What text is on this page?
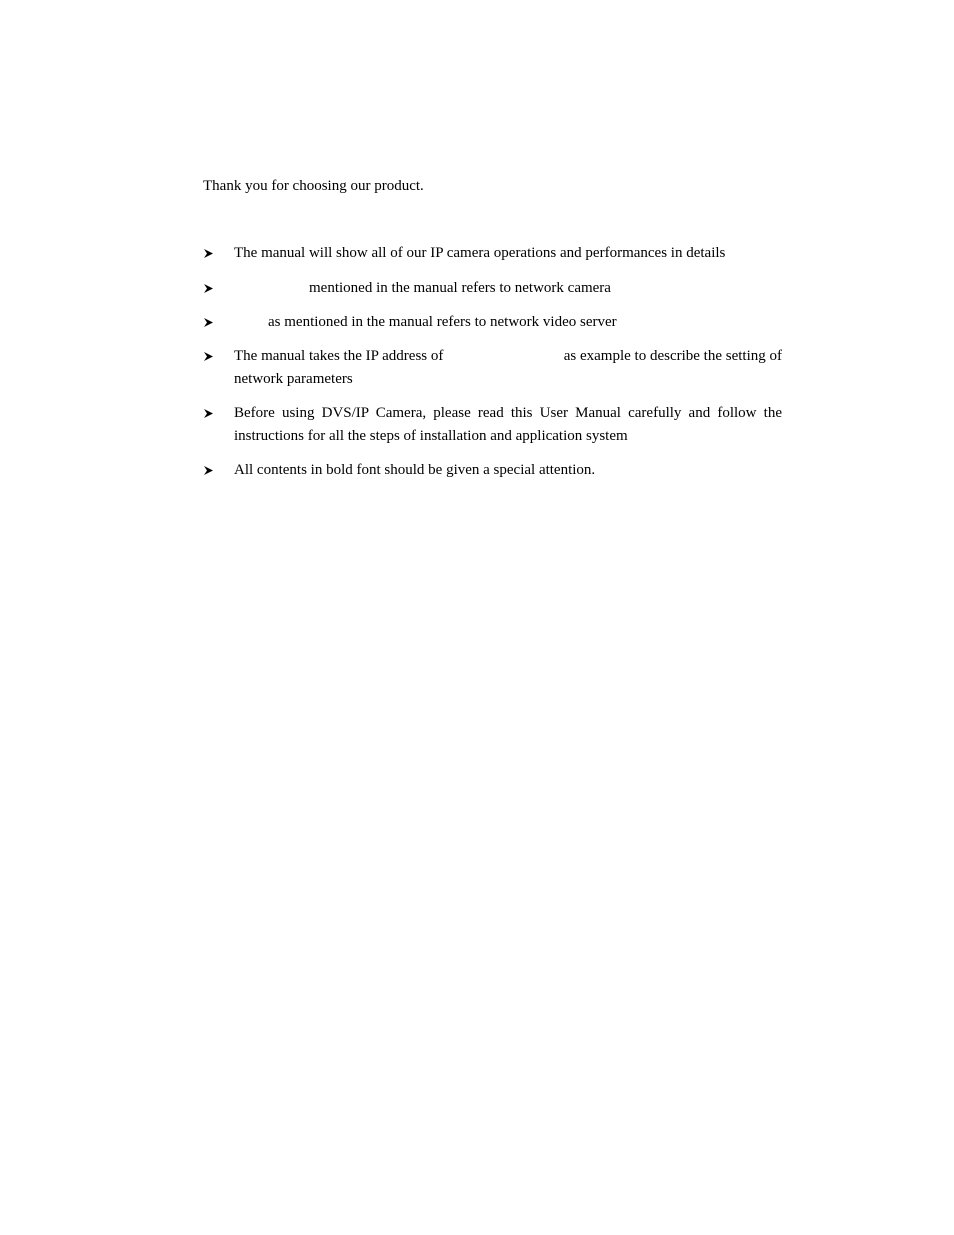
Thank you for choosing our product.

The manual will show all of our IP camera operations and performances in details
mentioned in the manual refers to network camera
as mentioned in the manual refers to network video server
The manual takes the IP address of	as example to describe the setting of
network parameters
Before using DVS/IP Camera, please read this User Manual carefully and follow the instructions for all the steps of installation and application system
All contents in bold font should be given a special attention.
